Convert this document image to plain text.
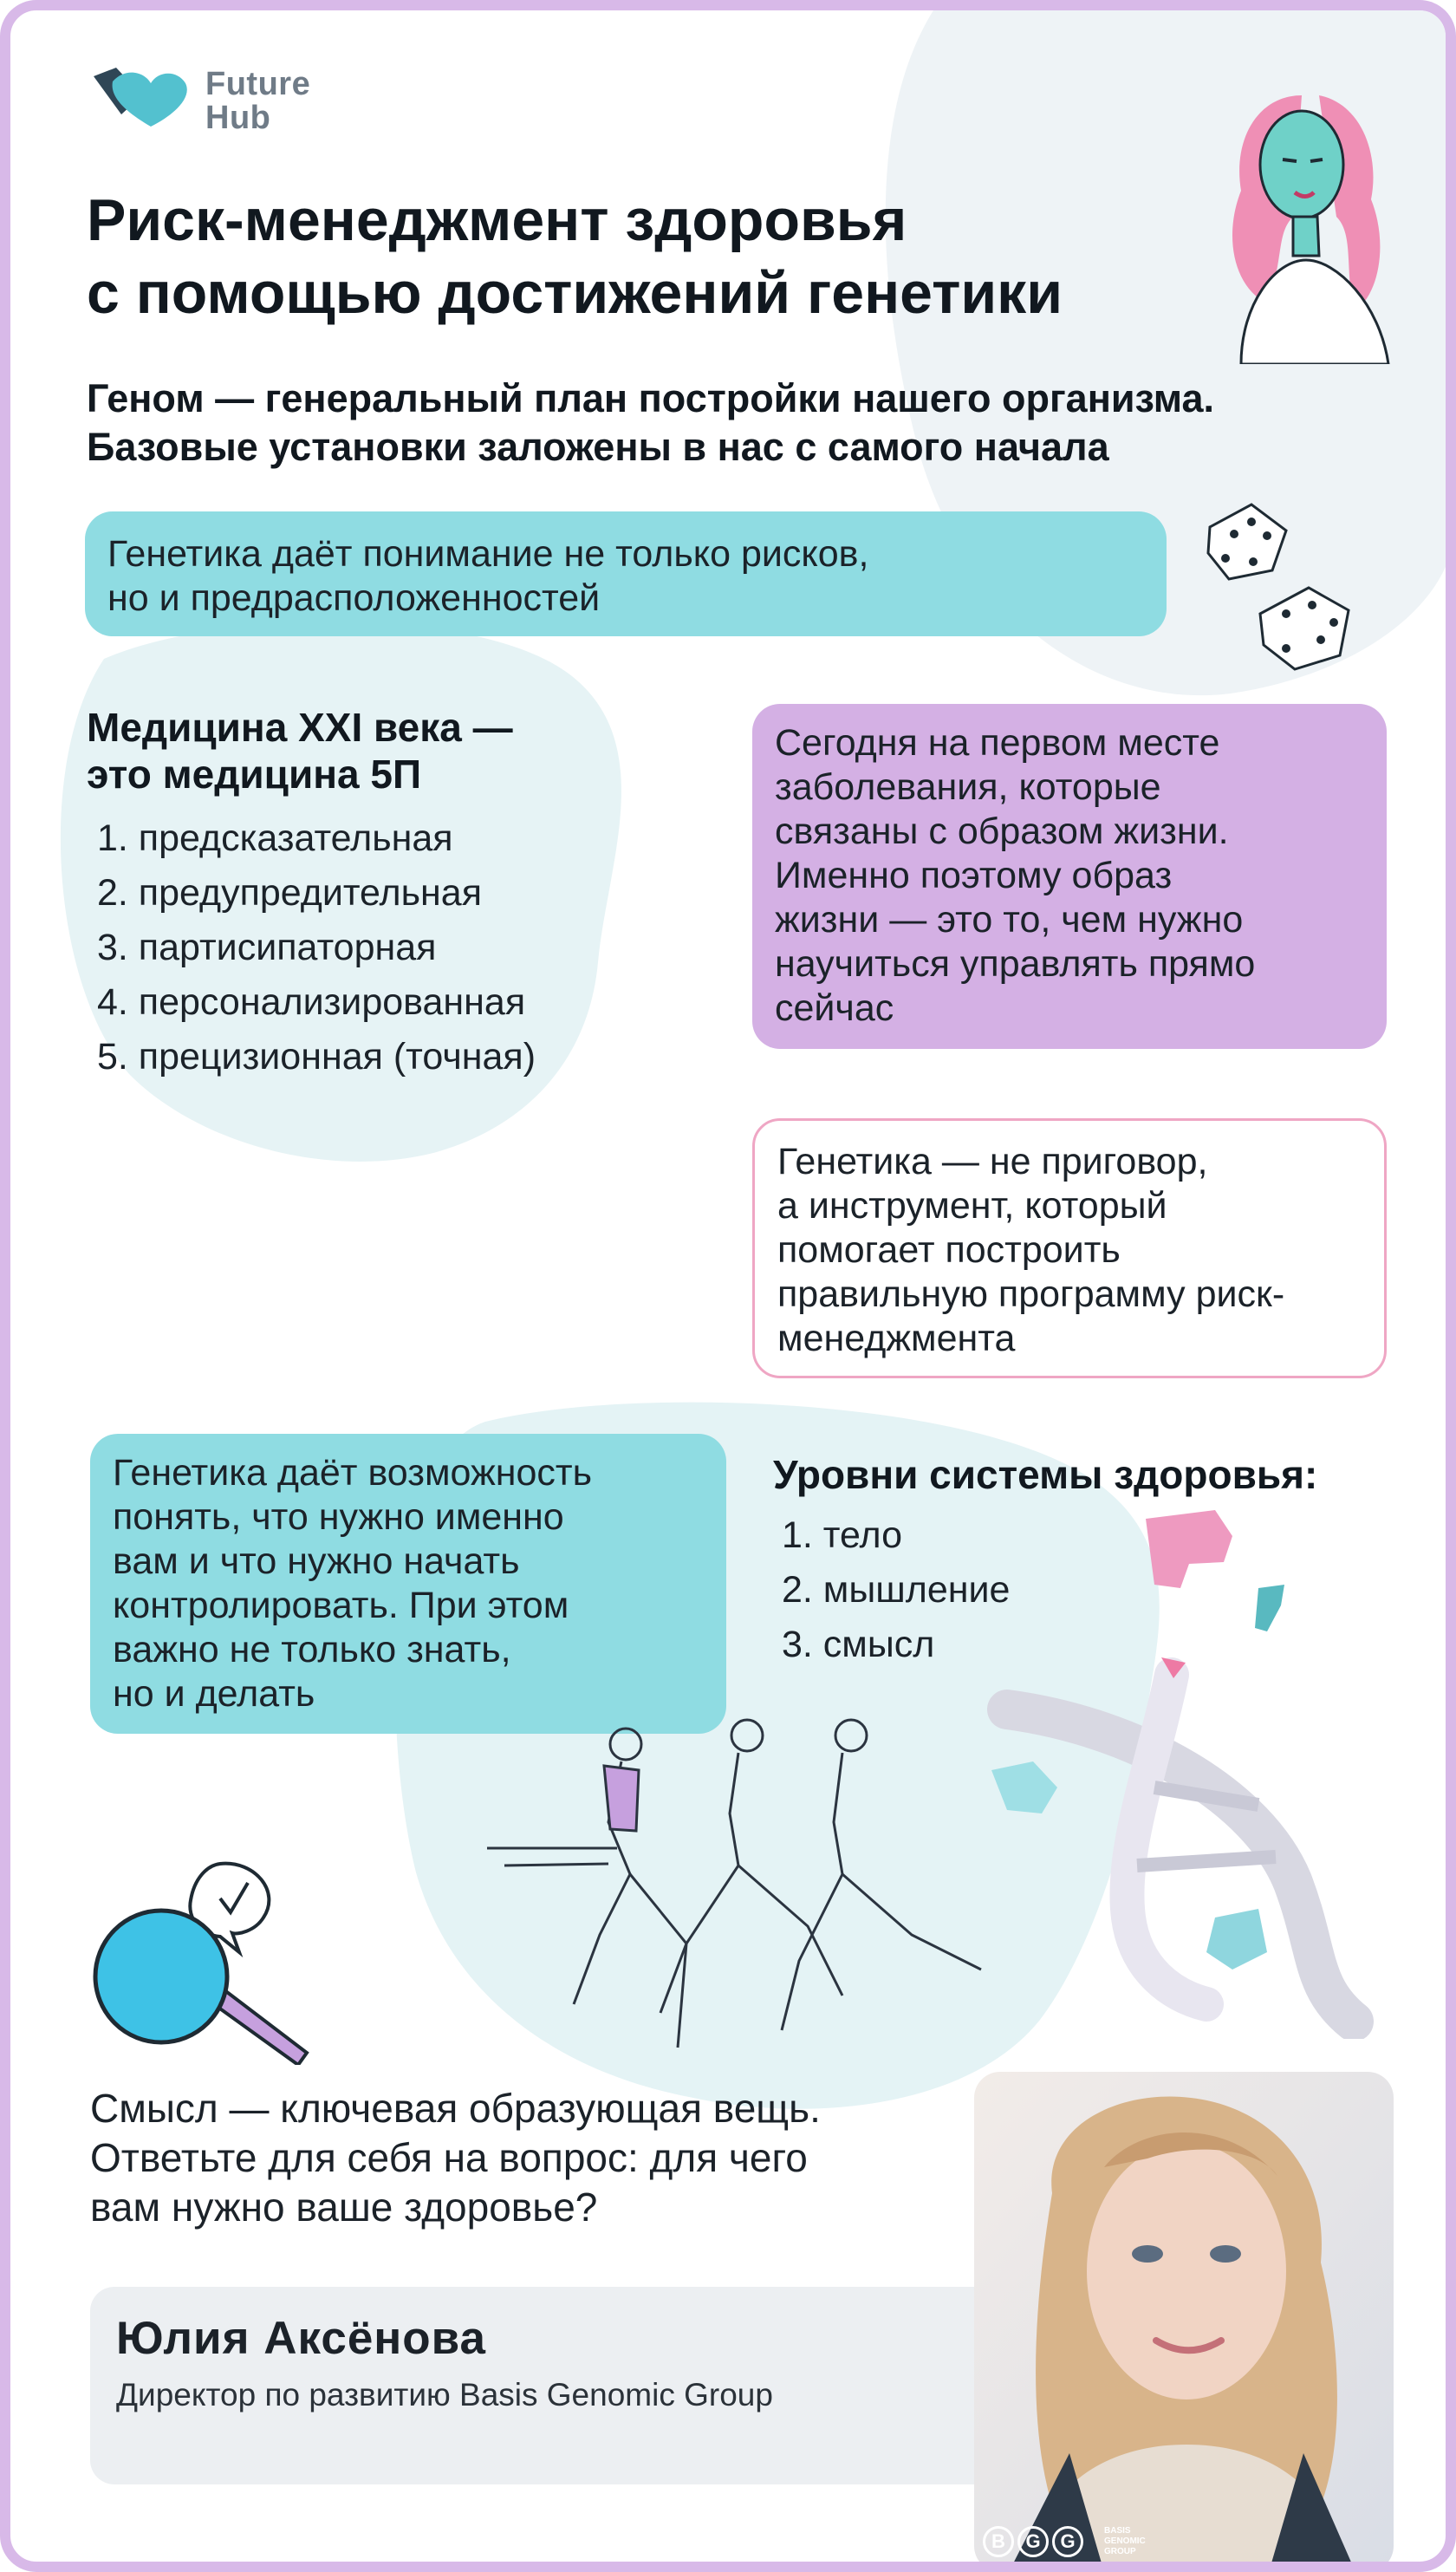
Future
Hub
Риск-менеджмент здоровья
с помощью достижений генетики
Геном — генеральный план постройки нашего организма.
Базовые установки заложены в нас с самого начала
Генетика даёт понимание не только рисков,
но и предрасположенностей
Медицина XXI века —
это медицина 5П
1. предсказательная
2. предупредительная
3. партисипаторная
4. персонализированная
5. прецизионная (точная)
Сегодня на первом месте
заболевания, которые
связаны с образом жизни.
Именно поэтому образ
жизни — это то, чем нужно
научиться управлять прямо
сейчас
Генетика — не приговор,
а инструмент, который
помогает построить
правильную программу риск-
менеджмента
Генетика даёт возможность
понять, что нужно именно
вам и что нужно начать
контролировать. При этом
важно не только знать,
но и делать
Уровни системы здоровья:
1. тело
2. мышление
3. смысл
Смысл — ключевая образующая вещь.
Ответьте для себя на вопрос: для чего
вам нужно ваше здоровье?
Юлия Аксёнова
Директор по развитию Basis Genomic Group
B G G	BASIS
GENOMIC
GROUP
